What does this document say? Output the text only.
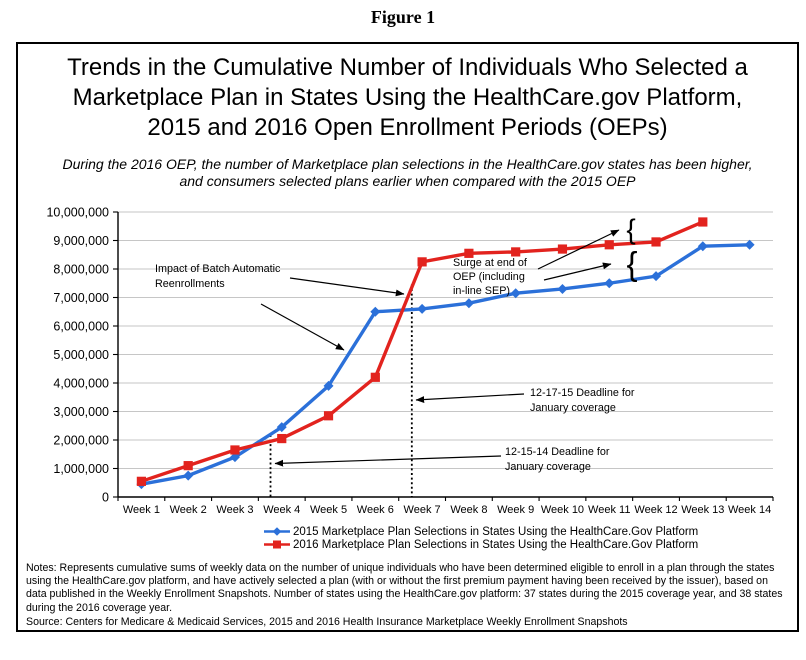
Figure 1
Trends in the Cumulative Number of Individuals Who Selected a
Marketplace Plan in States Using the HealthCare.gov Platform,
2015 and 2016 Open Enrollment Periods (OEPs)
During the 2016 OEP, the number of Marketplace plan selections in the HealthCare.gov states has been higher,
and consumers selected plans earlier when compared with the 2015 OEP
0
1,000,000
2,000,000
3,000,000
4,000,000
5,000,000
6,000,000
7,000,000
8,000,000
9,000,000
10,000,000
Week 1 Week 2 Week 3 Week 4 Week 5 Week 6 Week 7 Week 8 Week 9 Week 10 Week 11 Week 12 Week 13 Week 14
Impact of Batch Automatic
Reenrollments
Surge at end of
OEP (including
in-line SEP)
12-15-14 Deadline for
January coverage
12-17-15 Deadline for
January coverage
{
{
2015 Marketplace Plan Selections in States Using the HealthCare.Gov Platform
2016 Marketplace Plan Selections in States Using the HealthCare.Gov Platform
Notes: Represents cumulative sums of weekly data on the number of unique individuals who have been determined eligible to enroll in a plan through the states using the HealthCare.gov platform, and have actively selected a plan (with or without the first premium payment having been received by the issuer), based on data published in the Weekly Enrollment Snapshots. Number of states using the HealthCare.gov platform: 37 states during the 2015 coverage year, and 38 states during the 2016 coverage year.
Source: Centers for Medicare & Medicaid Services, 2015 and 2016 Health Insurance Marketplace Weekly Enrollment Snapshots
